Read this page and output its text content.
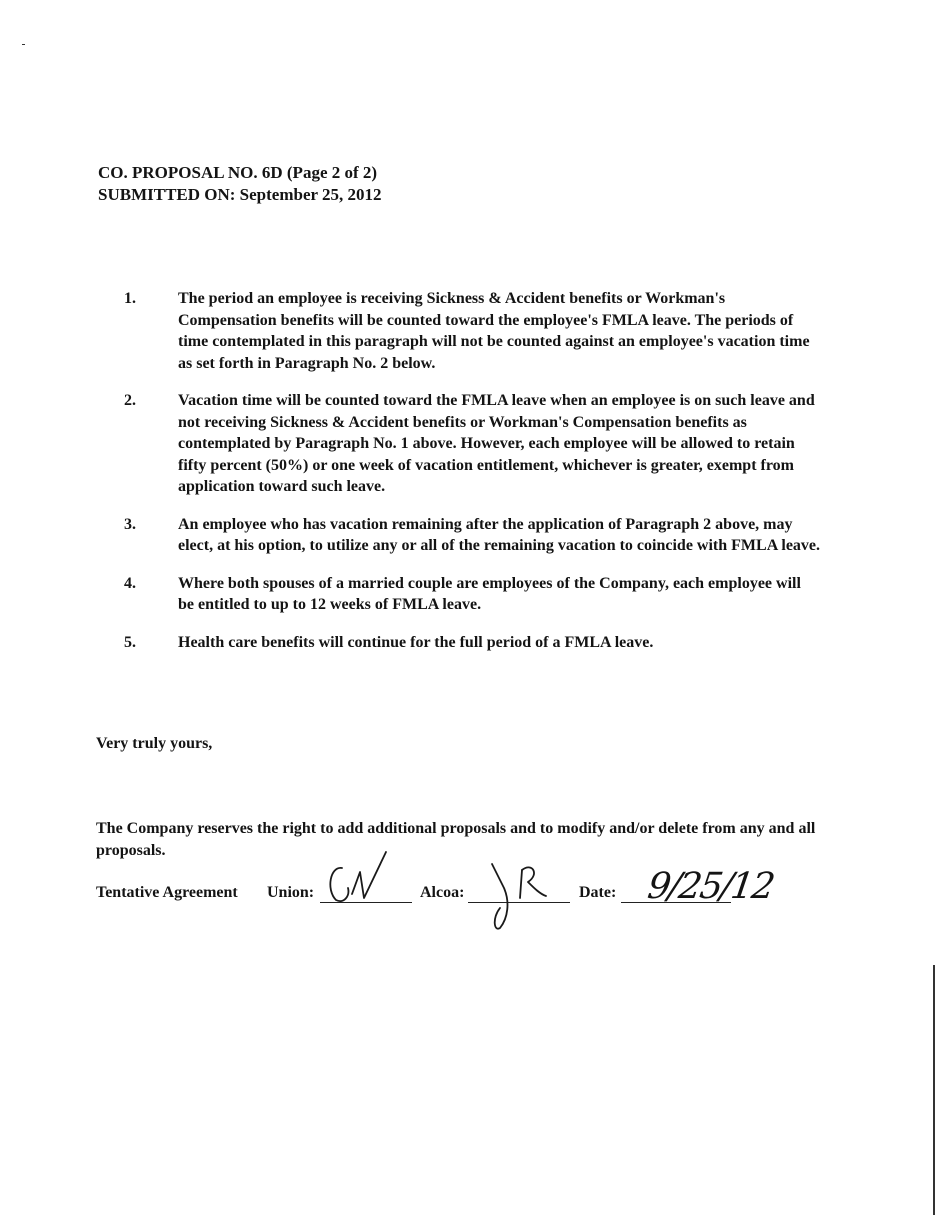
CO. PROPOSAL NO. 6D (Page 2 of 2)
SUBMITTED ON: September 25, 2012
1.	The period an employee is receiving Sickness & Accident benefits or Workman's Compensation benefits will be counted toward the employee's FMLA leave. The periods of time contemplated in this paragraph will not be counted against an employee's vacation time as set forth in Paragraph No. 2 below.
2.	Vacation time will be counted toward the FMLA leave when an employee is on such leave and not receiving Sickness & Accident benefits or Workman's Compensation benefits as contemplated by Paragraph No. 1 above. However, each employee will be allowed to retain fifty percent (50%) or one week of vacation entitlement, whichever is greater, exempt from application toward such leave.
3.	An employee who has vacation remaining after the application of Paragraph 2 above, may elect, at his option, to utilize any or all of the remaining vacation to coincide with FMLA leave.
4.	Where both spouses of a married couple are employees of the Company, each employee will be entitled to up to 12 weeks of FMLA leave.
5.	Health care benefits will continue for the full period of a FMLA leave.
Very truly yours,
The Company reserves the right to add additional proposals and to modify and/or delete from any and all proposals.
Tentative Agreement Union:	Alcoa:	Date: 9/25/12
